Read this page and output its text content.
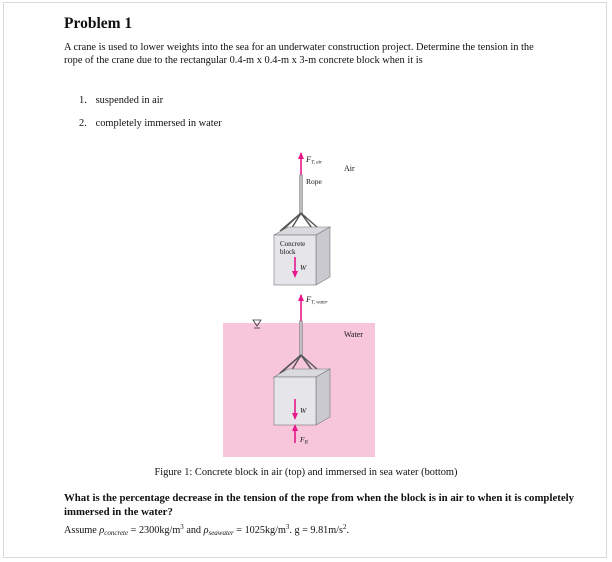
Problem 1
A crane is used to lower weights into the sea for an underwater construction project. Determine the tension in the rope of the crane due to the rectangular 0.4-m x 0.4-m x 3-m concrete block when it is
1. suspended in air
2. completely immersed in water
FT, air
Air
Rope
Concrete
block
W
FT, water
Water
W
$F_B$
Figure 1: Concrete block in air (top) and immersed in sea water (bottom)
What is the percentage decrease in the tension of the rope from when the block is in air to when it is completely immersed in the water?
Assume $\rho_{concrete} = 2300kg/m^3$ and $\rho_{seawater} = 1025kg/m^3$. $g = 9.81m/s^2$.
